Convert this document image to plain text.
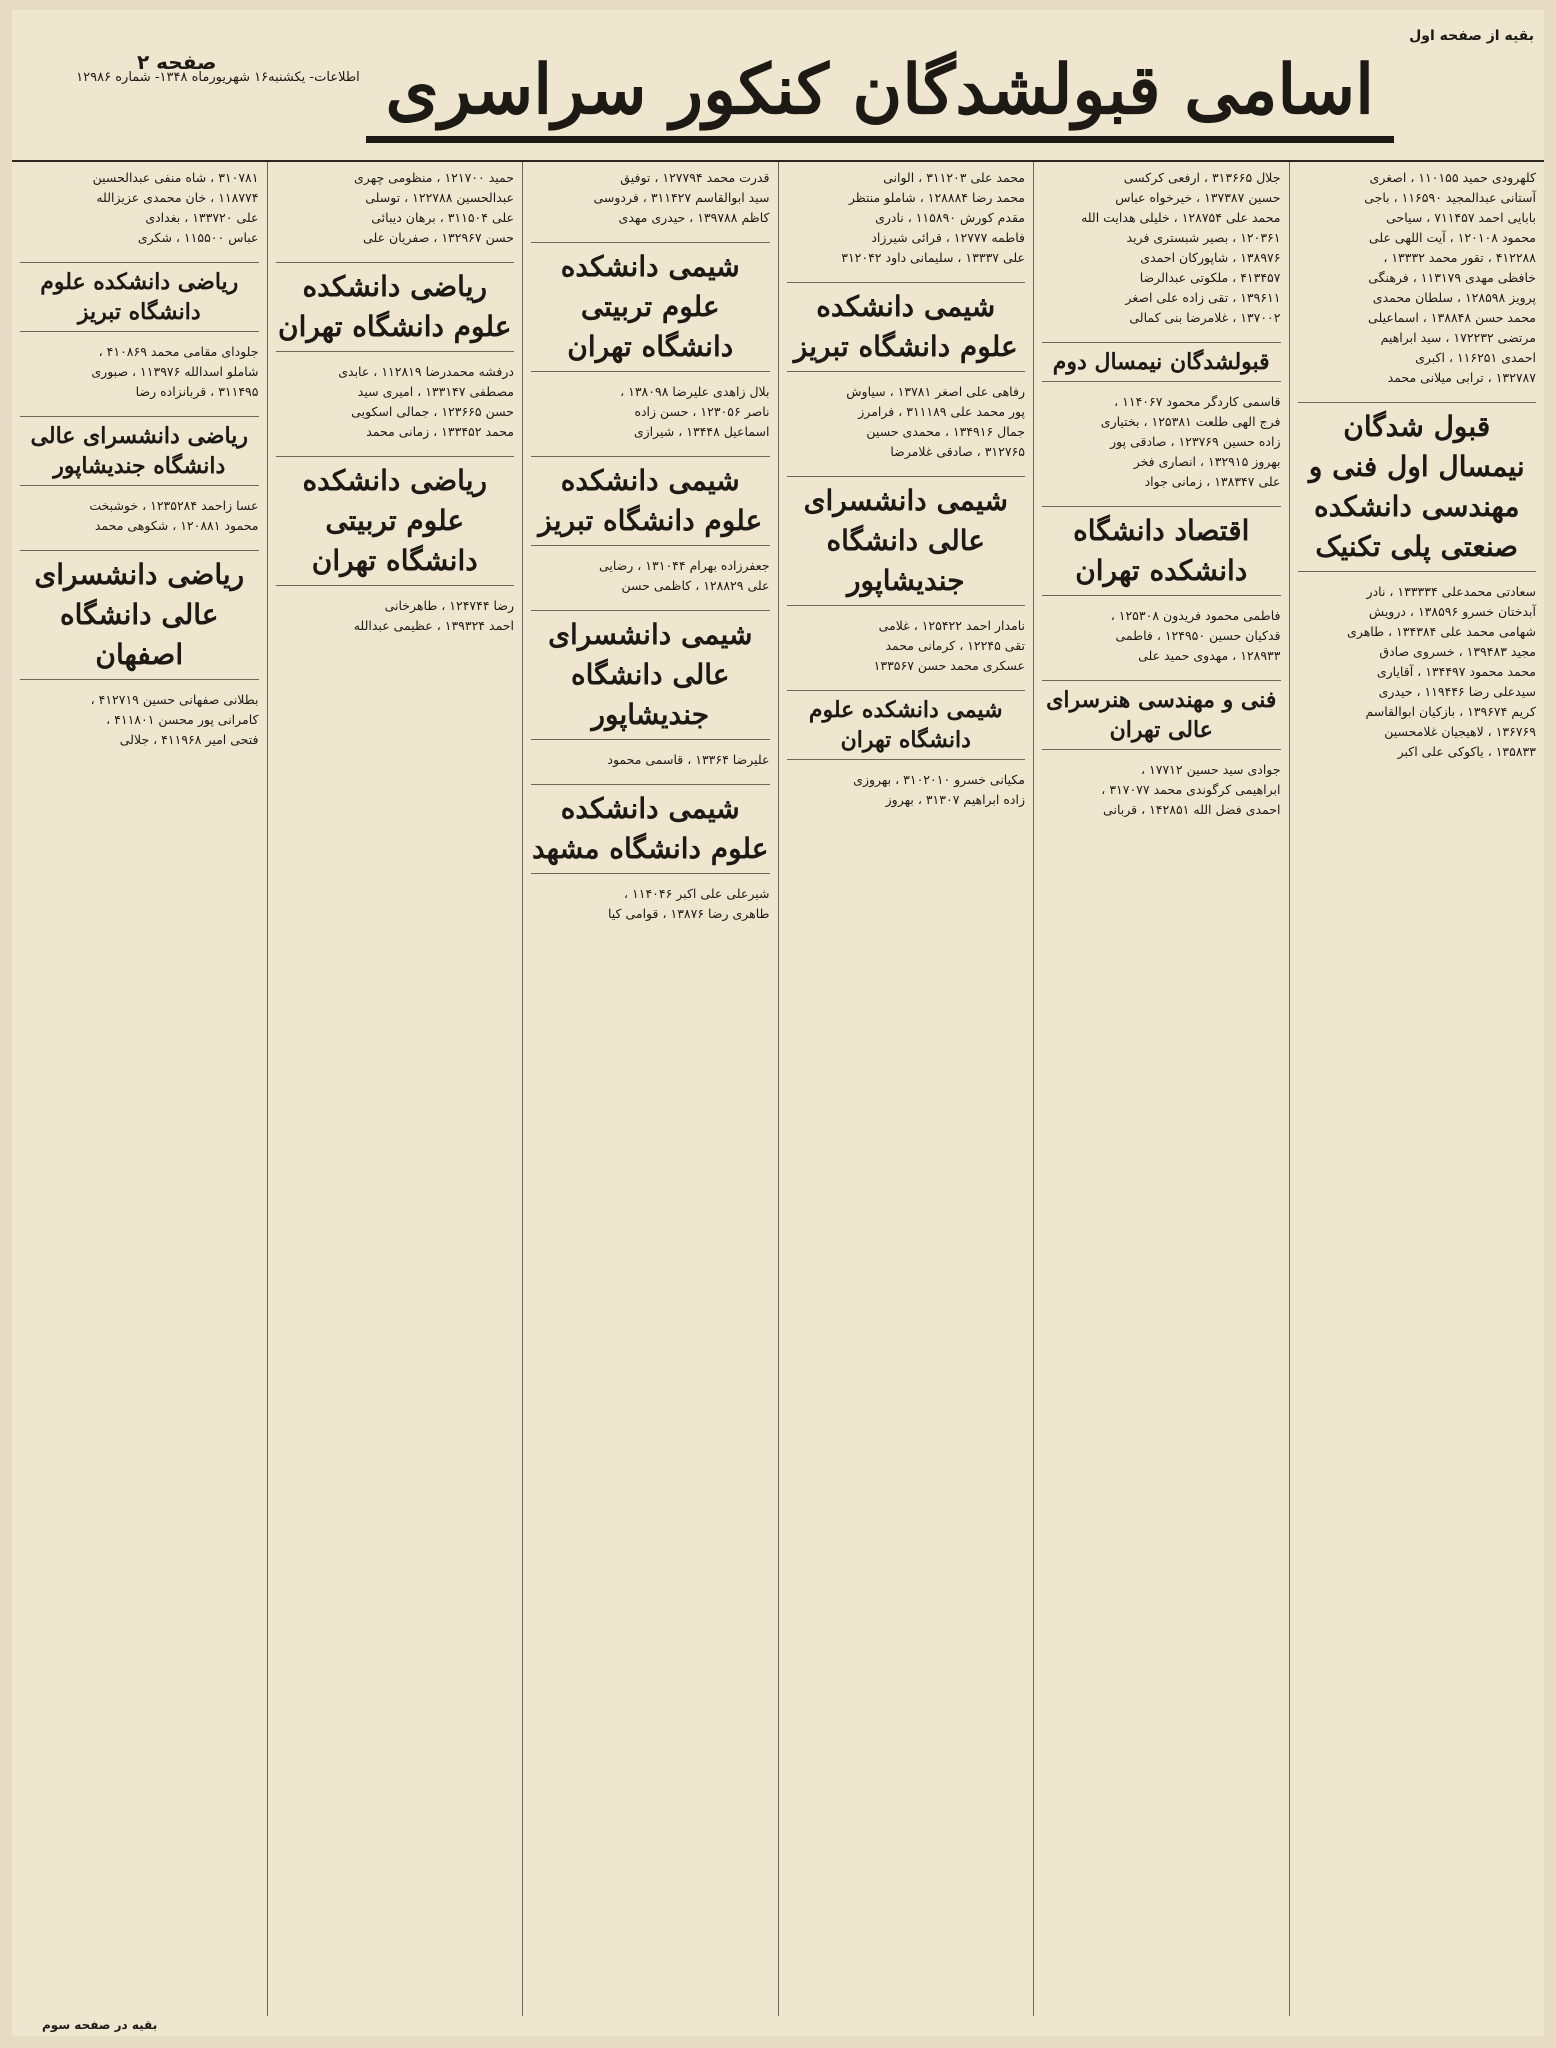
بقیه از صفحه اول
اسامی قبولشدگان کنکور سراسری
صفحه ۲
اطلاعات- یکشنبه۱۶ شهریورماه ۱۳۴۸- شماره ۱۲۹۸۶
کلهرودی حمید ۱۱۰۱۵۵ ، اصغری
آستانی عبدالمجید ۱۱۶۵۹۰ ، باجی
بابایی احمد ۷۱۱۴۵۷ ، سیاحی
محمود ۱۲۰۱۰۸ ، آیت اللهی علی
۴۱۲۲۸۸ ، تقور محمد ۱۳۳۳۲ ،
خافظی مهدی ۱۱۳۱۷۹ ، فرهنگی
پرویز ۱۲۸۵۹۸ ، سلطان محمدی
محمد حسن ۱۳۸۸۴۸ ، اسماعیلی
مرتضی ۱۷۲۲۳۲ ، سید ابراهیم
احمدی ۱۱۶۲۵۱ ، اکبری
۱۳۲۷۸۷ ، ترابی میلانی محمد
قبول شدگان نیمسال اول فنی و مهندسی دانشکده صنعتی پلی تکنیک
سعادتی محمدعلی ۱۳۳۳۳۴ ، نادر
آبدختان خسرو ۱۳۸۵۹۶ ، درویش
شهامی محمد علی ۱۳۴۳۸۴ ، طاهری
مجید ۱۳۹۴۸۳ ، خسروی صادق
محمد محمود ۱۳۴۴۹۷ ، آقایاری
سیدعلی رضا ۱۱۹۴۴۶ ، حیدری
کریم ۱۳۹۶۷۴ ، بازکیان ابوالقاسم
۱۳۶۷۶۹ ، لاهیجیان غلامحسین
۱۳۵۸۳۳ ، یاکوکی علی اکبر
جلال ۳۱۳۶۶۵ ، ارفعی کرکسی
حسین ۱۳۷۳۸۷ ، خیرخواه عباس
محمد علی ۱۲۸۷۵۴ ، خلیلی هدایت الله
۱۲۰۳۶۱ ، بصیر شبستری فرید
۱۳۸۹۷۶ ، شاپورکان احمدی
۴۱۳۴۵۷ ، ملکوتی عبدالرضا
۱۳۹۶۱۱ ، تقی زاده علی اصغر
۱۳۷۰۰۲ ، غلامرضا بنی کمالی
قبولشدگان نیمسال دوم
قاسمی کاردگر محمود ۱۱۴۰۶۷ ،
فرج الهی طلعت ۱۲۵۳۸۱ ، بختیاری
زاده حسین ۱۲۳۷۶۹ ، صادقی پور
بهروز ۱۳۲۹۱۵ ، انصاری فخر
علی ۱۳۸۳۴۷ ، زمانی جواد
اقتصاد دانشگاه دانشکده تهران
فاطمی محمود فریدون ۱۲۵۳۰۸ ،
قدکیان حسین ۱۲۴۹۵۰ ، فاطمی
۱۲۸۹۳۳ ، مهدوی حمید علی
فنی و مهندسی هنرسرای عالی تهران
جوادی سید حسین ۱۷۷۱۲ ،
ابراهیمی کرگوندی محمد ۳۱۷۰۷۷ ،
احمدی فضل الله ۱۴۲۸۵۱ ، قربانی
محمد علی ۳۱۱۲۰۳ ، الوانی
محمد رضا ۱۲۸۸۸۴ ، شاملو منتظر
مقدم کورش ۱۱۵۸۹۰ ، نادری
فاطمه ۱۲۷۷۷ ، قرائی شیرزاد
علی ۱۳۳۳۷ ، سلیمانی داود ۳۱۲۰۴۲
شیمی دانشکده علوم دانشگاه تبریز
رفاهی علی اصغر ۱۳۷۸۱ ، سیاوش
پور محمد علی ۳۱۱۱۸۹ ، فرامرز
جمال ۱۳۴۹۱۶ ، محمدی حسین
۳۱۲۷۶۵ ، صادقی غلامرضا
شیمی دانشسرای عالی دانشگاه جندیشاپور
نامدار احمد ۱۲۵۴۲۲ ، غلامی
تقی ۱۲۲۴۵ ، کرمانی محمد
عسکری محمد حسن ۱۳۳۵۶۷
شیمی دانشکده علوم دانشگاه تهران
مکیانی خسرو ۳۱۰۲۰۱۰ ، بهروزی
زاده ابراهیم ۳۱۳۰۷ ، بهروز
قدرت محمد ۱۲۷۷۹۴ ، توفیق
سید ابوالقاسم ۳۱۱۴۲۷ ، فردوسی
کاظم ۱۳۹۷۸۸ ، حیدری مهدی
شیمی دانشکده علوم تربیتی دانشگاه تهران
بلال زاهدی علیرضا ۱۳۸۰۹۸ ،
ناصر ۱۲۳۰۵۶ ، حسن زاده
اسماعیل ۱۳۴۴۸ ، شیرازی
شیمی دانشکده علوم دانشگاه تبریز
جعفرزاده بهرام ۱۳۱۰۴۴ ، رضایی
علی ۱۲۸۸۲۹ ، کاظمی حسن
شیمی دانشسرای عالی دانشگاه جندیشاپور
علیرضا ۱۳۳۶۴ ، قاسمی محمود
شیمی دانشکده علوم دانشگاه مشهد
شیرعلی علی اکبر ۱۱۴۰۴۶ ،
طاهری رضا ۱۳۸۷۶ ، قوامی کیا
حمید ۱۲۱۷۰۰ ، منظومی چهری
عبدالحسین ۱۲۲۷۸۸ ، توسلی
علی ۳۱۱۵۰۴ ، برهان دیبائی
حسن ۱۳۲۹۶۷ ، صفریان علی
ریاضی دانشکده علوم دانشگاه تهران
درفشه محمدرضا ۱۱۲۸۱۹ ، عابدی
مصطفی ۱۳۳۱۴۷ ، امیری سید
حسن ۱۲۳۶۶۵ ، جمالی اسکویی
محمد ۱۳۳۴۵۲ ، زمانی محمد
ریاضی دانشکده علوم تربیتی دانشگاه تهران
رضا ۱۲۴۷۴۴ ، طاهرخانی
احمد ۱۳۹۳۲۴ ، عظیمی عبدالله
۳۱۰۷۸۱ ، شاه منفی عبدالحسین
۱۱۸۷۷۴ ، خان محمدی عزیزالله
علی ۱۳۳۷۲۰ ، بغدادی
عباس ۱۱۵۵۰۰ ، شکری
ریاضی دانشکده علوم دانشگاه تبریز
جلودای مقامی محمد ۴۱۰۸۶۹ ،
شاملو اسدالله ۱۱۳۹۷۶ ، صبوری
۳۱۱۴۹۵ ، قربانزاده رضا
ریاضی دانشسرای عالی دانشگاه جندیشاپور
عسا زاحمد ۱۲۳۵۲۸۴ ، خوشبخت
محمود ۱۲۰۸۸۱ ، شکوهی محمد
ریاضی دانشسرای عالی دانشگاه اصفهان
بطلانی صفهانی حسین ۴۱۲۷۱۹ ،
کامرانی پور محسن ۴۱۱۸۰۱ ،
فتحی امیر ۴۱۱۹۶۸ ، جلالی
بقیه در صفحه سوم
